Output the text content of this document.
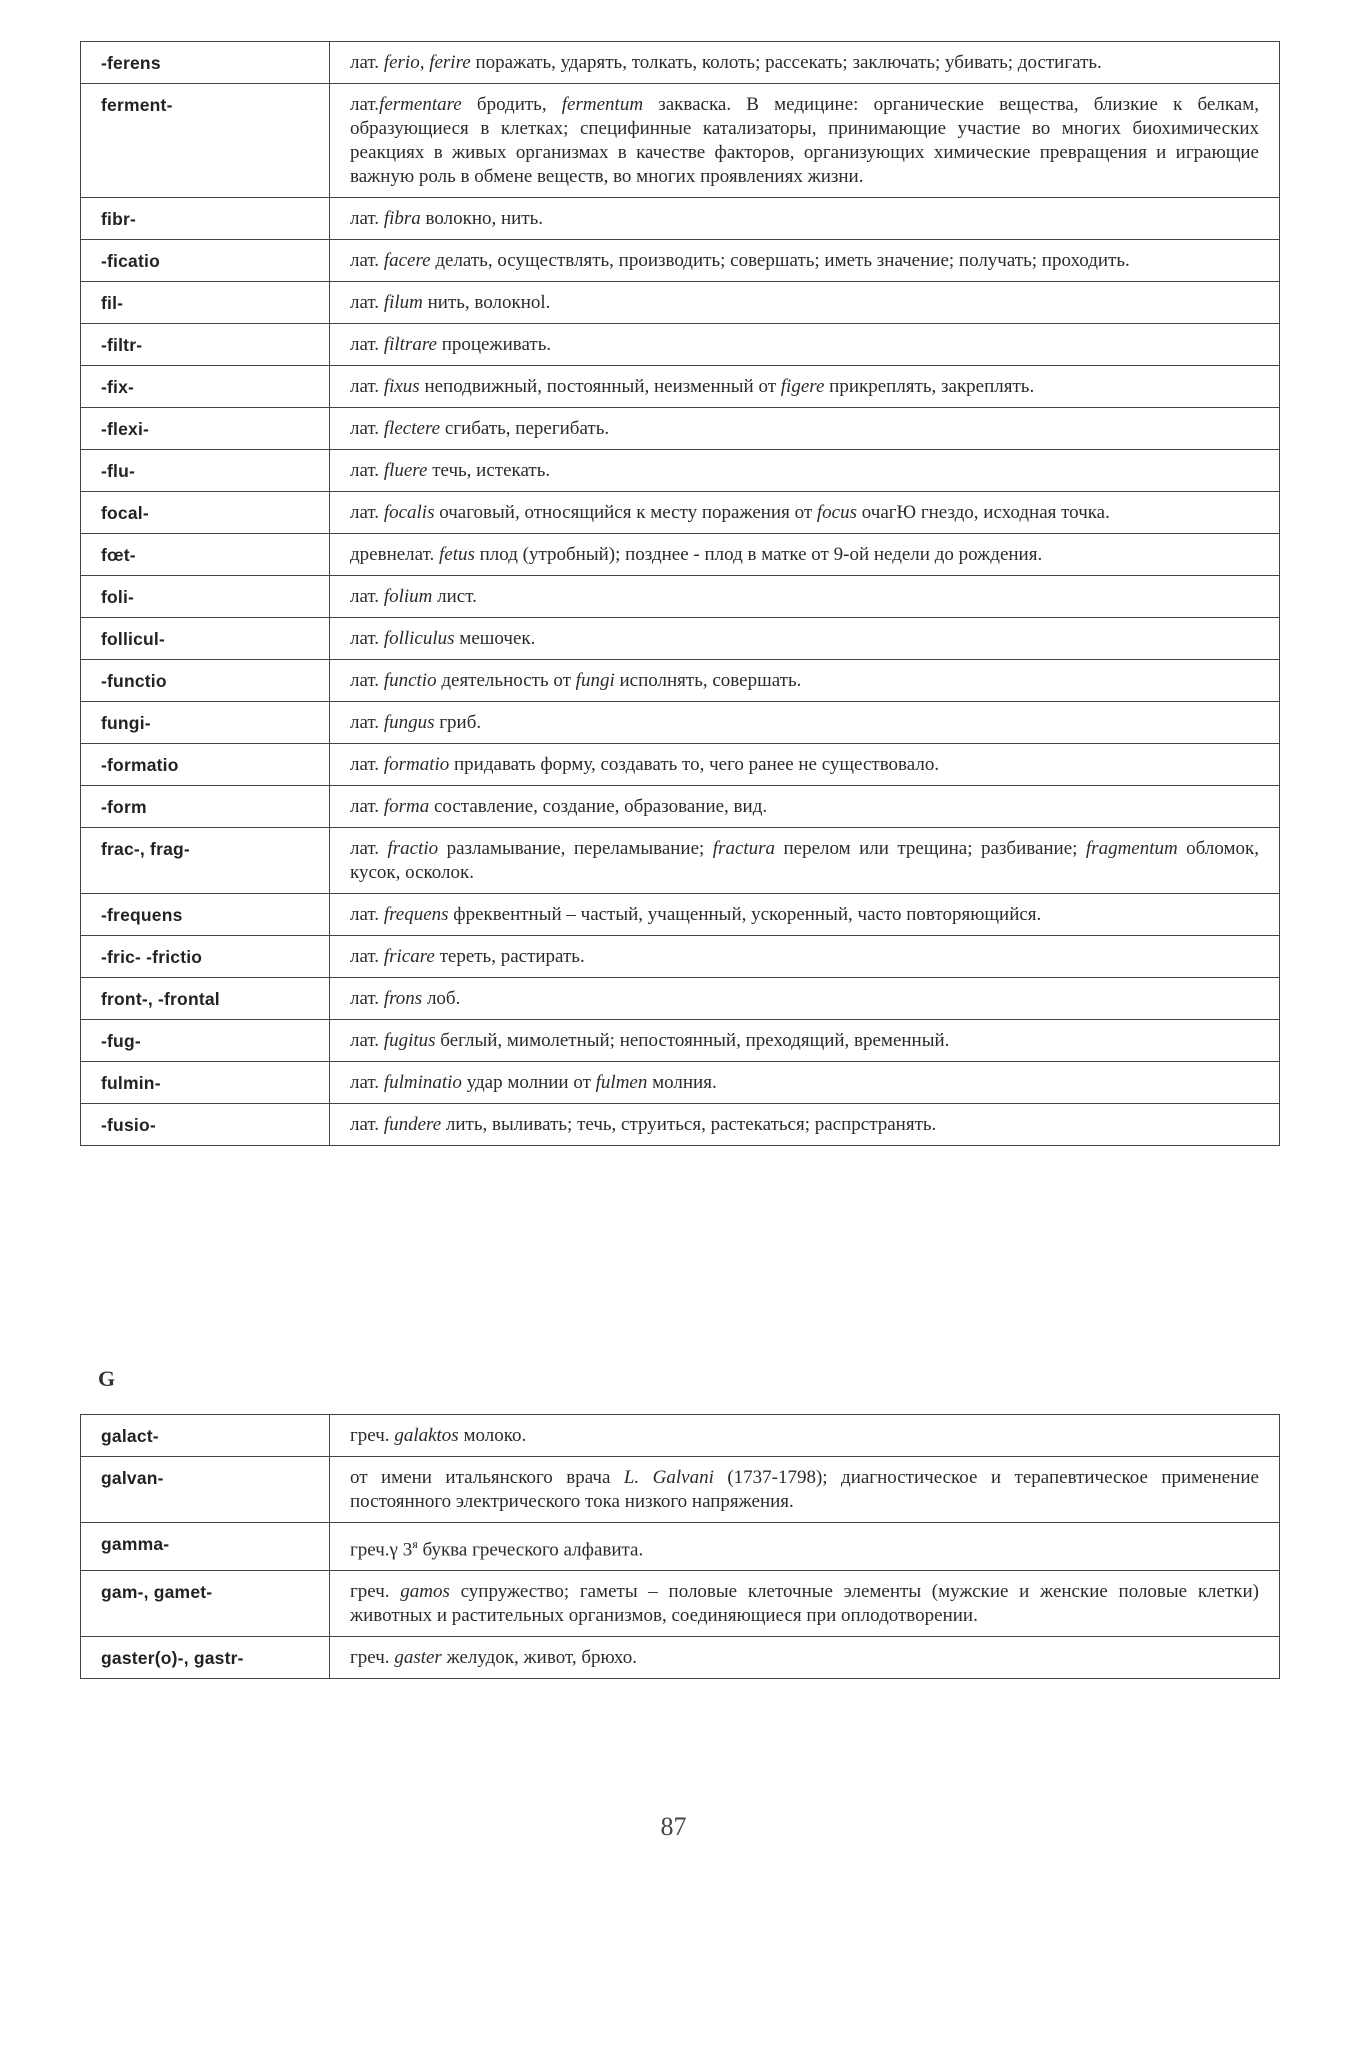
-ferens	лат. ferio, ferire поражать, ударять, толкать, колоть; рассекать; заключать; убивать; достигать.
ferment-	лат.fermentare бродить, fermentum закваска. В медицине: органические вещества, близкие к белкам, образующиеся в клетках; специфинные катализаторы, принимающие участие во многих биохимических реакциях в живых организмах в качестве факторов, организующих химические превращения и играющие важную роль в обмене веществ, во многих проявлениях жизни.
fibr-	лат. fibra волокно, нить.
-ficatio	лат. facere делать, осуществлять, производить; совершать; иметь значение; получать; проходить.
fil-	лат. filum нить, волокноl.
-filtr-	лат. filtrare процеживать.
-fix-	лат. fixus неподвижный, постоянный, неизменный от figere прикреплять, закреплять.
-flexi-	лат. flectere сгибать, перегибать.
-flu-	лат. fluere течь, истекать.
focal-	лат. focalis очаговый, относящийся к месту поражения от focus очагЮ гнездо, исходная точка.
fœt-	древнелат. fetus плод (утробный); позднее - плод в матке от 9-ой недели до рождения.
foli-	лат. folium лист.
follicul-	лат. folliculus мешочек.
-functio	лат. functio деятельность от fungi исполнять, совершать.
fungi-	лат. fungus гриб.
-formatio	лат. formatio придавать форму, создавать то, чего ранее не существовало.
-form	лат. forma составление, создание, образование, вид.
frac-, frag-	лат. fractio разламывание, переламывание; fractura перелом или трещина; разбивание; fragmentum обломок, кусок, осколок.
-frequens	лат. frequens фреквентный – частый, учащенный, ускоренный, часто повторяющийся.
-fric- -frictio	лат. fricare тереть, растирать.
front-, -frontal	лат. frons лоб.
-fug-	лат. fugitus беглый, мимолетный; непостоянный, преходящий, временный.
fulmin-	лат. fulminatio удар молнии от fulmen молния.
-fusio-	лат. fundere лить, выливать; течь, струиться, растекаться; распрстранять.
G
galact-	греч. galaktos молоко.
galvan-	от имени итальянского врача L. Galvani (1737-1798); диагностическое и терапевтическое применение постоянного электрического тока низкого напряжения.
gamma-	греч.γ $3^я$ буква греческого алфавита.
gam-, gamet-	греч. gamos супружество; гаметы – половые клеточные элементы (мужские и женские половые клетки) животных и растительных организмов, соединяющиеся при оплодотворении.
gaster(o)-, gastr-	греч. gaster желудок, живот, брюхо.
87
